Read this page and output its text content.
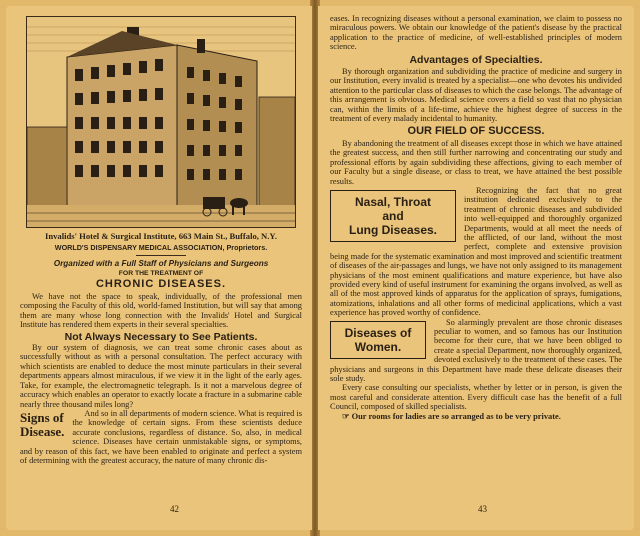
Invalids' Hotel & Surgical Institute, 663 Main St., Buffalo, N.Y.

WORLD'S DISPENSARY MEDICAL ASSOCIATION, Proprietors.

Organized with a Full Staff of Physicians and Surgeons

FOR THE TREATMENT OF

CHRONIC DISEASES.

We have not the space to speak, individually, of the professional men composing the Faculty of this old, world-famed Institution, but will say that among them are many whose long connection with the Invalids' Hotel and Surgical Institute has rendered them experts in their several specialties.

Not Always Necessary to See Patients.

By our system of diagnosis, we can treat some chronic cases about as successfully without as with a personal consultation. The perfect accuracy with which scientists are enabled to deduce the most minute particulars in their several departments appears almost miraculous, if we view it in the light of the early ages. Take, for example, the electromagnetic telegraph. Is it not a marvelous degree of accuracy which enables an operator to exactly locate a fracture in a submarine cable nearly three thousand miles long?

Signs of
Disease.

And so in all departments of modern science. What is required is the knowledge of certain signs. From these scientists deduce accurate conclusions, regardless of distance. So, also, in medical science. Diseases have certain unmistakable signs, or symptoms, and by reason of this fact, we have been enabled to originate and perfect a system of determining with the greatest accuracy, the nature of many chronic dis-

42

eases. In recognizing diseases without a personal examination, we claim to possess no miraculous powers. We obtain our knowledge of the patient's disease by the practical application to the practice of medicine, of well-established principles of modern science.

Advantages of Specialties.

By thorough organization and subdividing the practice of medicine and surgery in our Institution, every invalid is treated by a specialist—one who devotes his undivided attention to the particular class of diseases to which the case belongs. The advantage of this arrangement is obvious. Medical science covers a field so vast that no physician can, within the limits of a life-time, achieve the highest degree of success in the treatment of every malady incidental to humanity.

OUR FIELD OF SUCCESS.

By abandoning the treatment of all diseases except those in which we have attained the greatest success, and then still further narrowing and concentrating our study and professional efforts by again subdividing these affections, giving to each member of our Faculty but a single disease, or class to treat, we have attained the best possible results.

Nasal, Throat
and
Lung Diseases.

Recognizing the fact that no great institution dedicated exclusively to the treatment of chronic diseases and subdivided into well-equipped and thoroughly organized Departments, would at all meet the needs of the afflicted, of our land, without the most perfect, complete and extensive provision being made for the systematic examination and most improved and scientific treatment of diseases of the air-passages and lungs, we have not only assigned to its management physicians of the most eminent qualifications and mature experience, but have also provided every kind of useful instrument for examining the organs involved, as well as all of the most approved kinds of apparatus for the application of sprays, fumigations, atomizations, inhalations and all other forms of medicinal applications, which a vast experience has proved worthy of confidence.

Diseases of
Women.

So alarmingly prevalent are those chronic diseases peculiar to women, and so famous has our Institution become for their cure, that we have been obliged to create a special Department, now thoroughly organized, devoted exclusively to the treatment of these cases. The physicians and surgeons in this Department have made these delicate diseases their sole study.

Every case consulting our specialists, whether by letter or in person, is given the most careful and considerate attention. Every difficult case has the benefit of a full Council, composed of skilled specialists.

☞ Our rooms for ladies are so arranged as to be very private.

43
